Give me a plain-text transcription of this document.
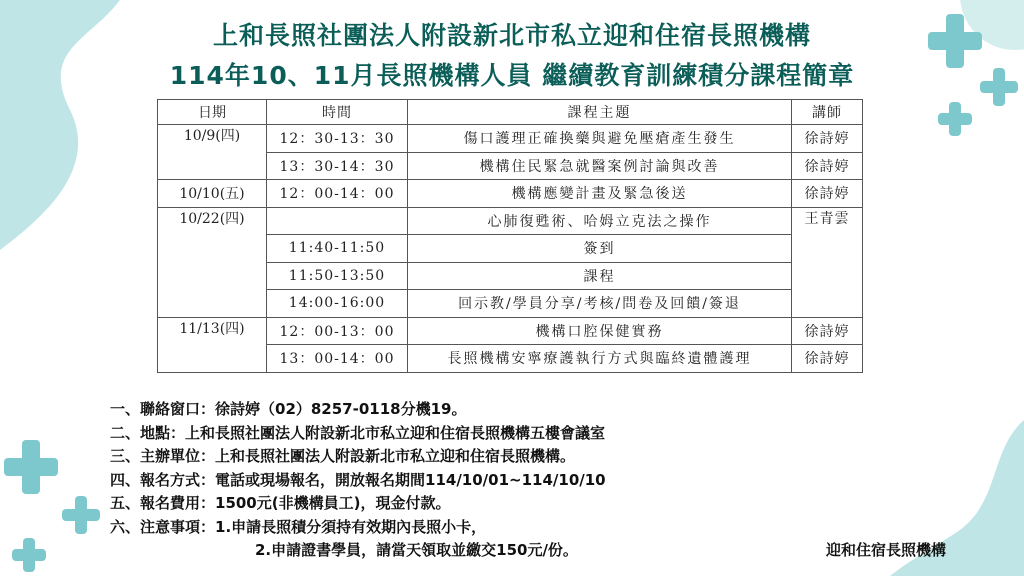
上和長照社團法人附設新北市私立迎和住宿長照機構
114年10、11月長照機構人員 繼續教育訓練積分課程簡章
日期	時間	課程主題	講師
10/9(四)	12：30-13：30	傷口護理正確換藥與避免壓瘡產生發生	徐詩婷
	13：30-14：30	機構住民緊急就醫案例討論與改善	徐詩婷
10/10(五)	12：00-14：00	機構應變計畫及緊急後送	徐詩婷
10/22(四)		心肺復甦術、哈姆立克法之操作	王青雲
	11:40-11:50	簽到	
	11:50-13:50	課程	
	14:00-16:00	回示教/學員分享/考核/問卷及回饋/簽退	
11/13(四)	12：00-13：00	機構口腔保健實務	徐詩婷
	13：00-14：00	長照機構安寧療護執行方式與臨終遺體護理	徐詩婷
一、聯絡窗口：徐詩婷（02）8257-0118分機19。
二、地點：上和長照社團法人附設新北市私立迎和住宿長照機構五樓會議室
三、主辦單位：上和長照社團法人附設新北市私立迎和住宿長照機構。
四、報名方式：電話或現場報名，開放報名期間114/10/01~114/10/10
五、報名費用：1500元(非機構員工)，現金付款。
六、注意事項：1.申請長照積分須持有效期內長照小卡，
2.申請證書學員，請當天領取並繳交150元/份。	迎和住宿長照機構
